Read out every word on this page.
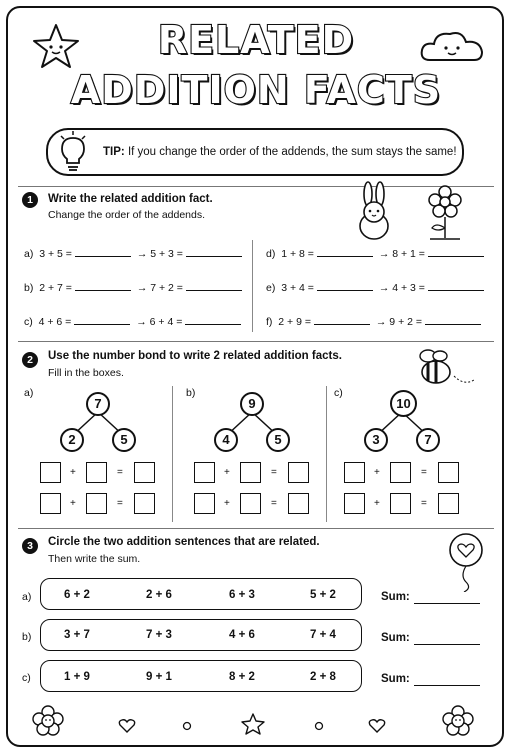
RELATED
ADDITION FACTS
TIP: If you change the order of the addends, the sum stays the same!
1	Write the related addition fact.
Change the order of the addends.
a) 3 + 5 =	→ 5 + 3 =
b) 2 + 7 =	→ 7 + 2 =
c) 4 + 6 =	→ 6 + 4 =
d) 1 + 8 =	→ 8 + 1 =
e) 3 + 4 =	→ 4 + 3 =
f) 2 + 9 =	→ 9 + 2 =
2	Use the number bond to write 2 related addition facts.
Fill in the boxes.
a)
7
2	5
+	=
+	=
b)
9
4	5
+	=
+	=
c)
10
3	7
+	=
+	=
3	Circle the two addition sentences that are related.
Then write the sum.
a)	6 + 2	2 + 6	6 + 3	5 + 2	Sum:
b)	3 + 7	7 + 3	4 + 6	7 + 4	Sum:
c)	1 + 9	9 + 1	8 + 2	2 + 8	Sum:
